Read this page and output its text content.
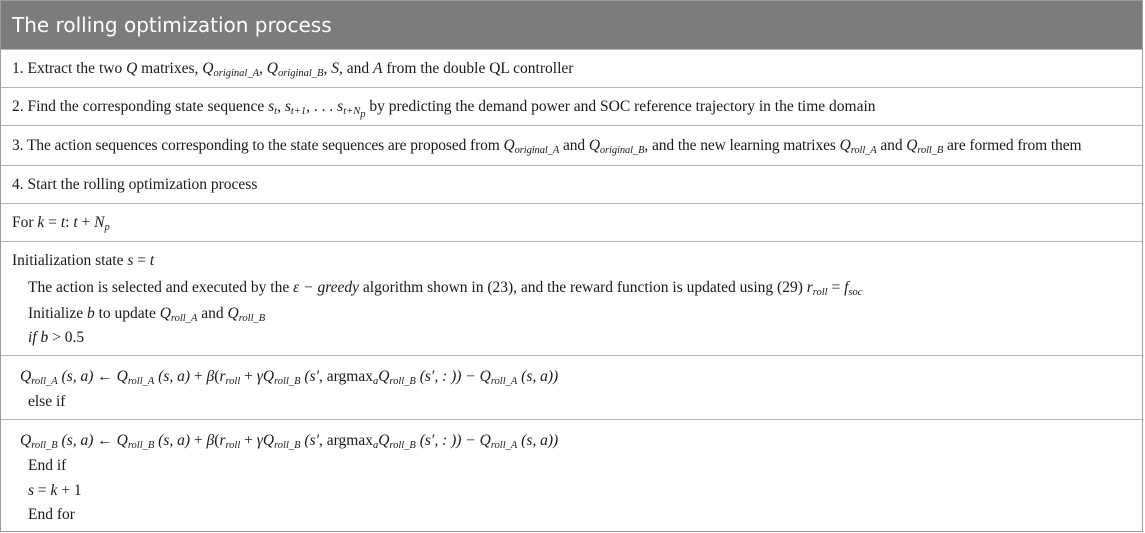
The rolling optimization process
1. Extract the two Q matrixes, $Q_{original\_A}$, $Q_{original\_B}$, S, and A from the double QL controller
2. Find the corresponding state sequence $s_t$, $s_{t+1}$, . . . $s_{t+N_p}$ by predicting the demand power and SOC reference trajectory in the time domain
3. The action sequences corresponding to the state sequences are proposed from $Q_{original\_A}$ and $Q_{original\_B}$, and the new learning matrixes $Q_{roll\_A}$ and $Q_{roll\_B}$ are formed from them
4. Start the rolling optimization process
For k = t: $t + N_p$
Initialization state s = t
The action is selected and executed by the ε − greedy algorithm shown in (23), and the reward function is updated using (29) $r_{roll} = f_{soc}$
Initialize b to update $Q_{roll\_A}$ and $Q_{roll\_B}$
if b > 0.5
$Q_{roll\_A}$ (s, a) ← $Q_{roll\_A}$ (s, $a) + \beta(r_{roll} + \gamma Q_{roll\_B}$ (s′, $argmax_aQ_{roll\_B}$ (s′, : )) − $Q_{roll\_A}$ (s, a))
else if
$Q_{roll\_B}$ (s, a) ← $Q_{roll\_B}$ (s, $a) + \beta(r_{roll} + \gamma Q_{roll\_B}$ (s′, $argmax_aQ_{roll\_B}$ (s′, : )) − $Q_{roll\_A}$ (s, a))
End if
s = k + 1
End for
